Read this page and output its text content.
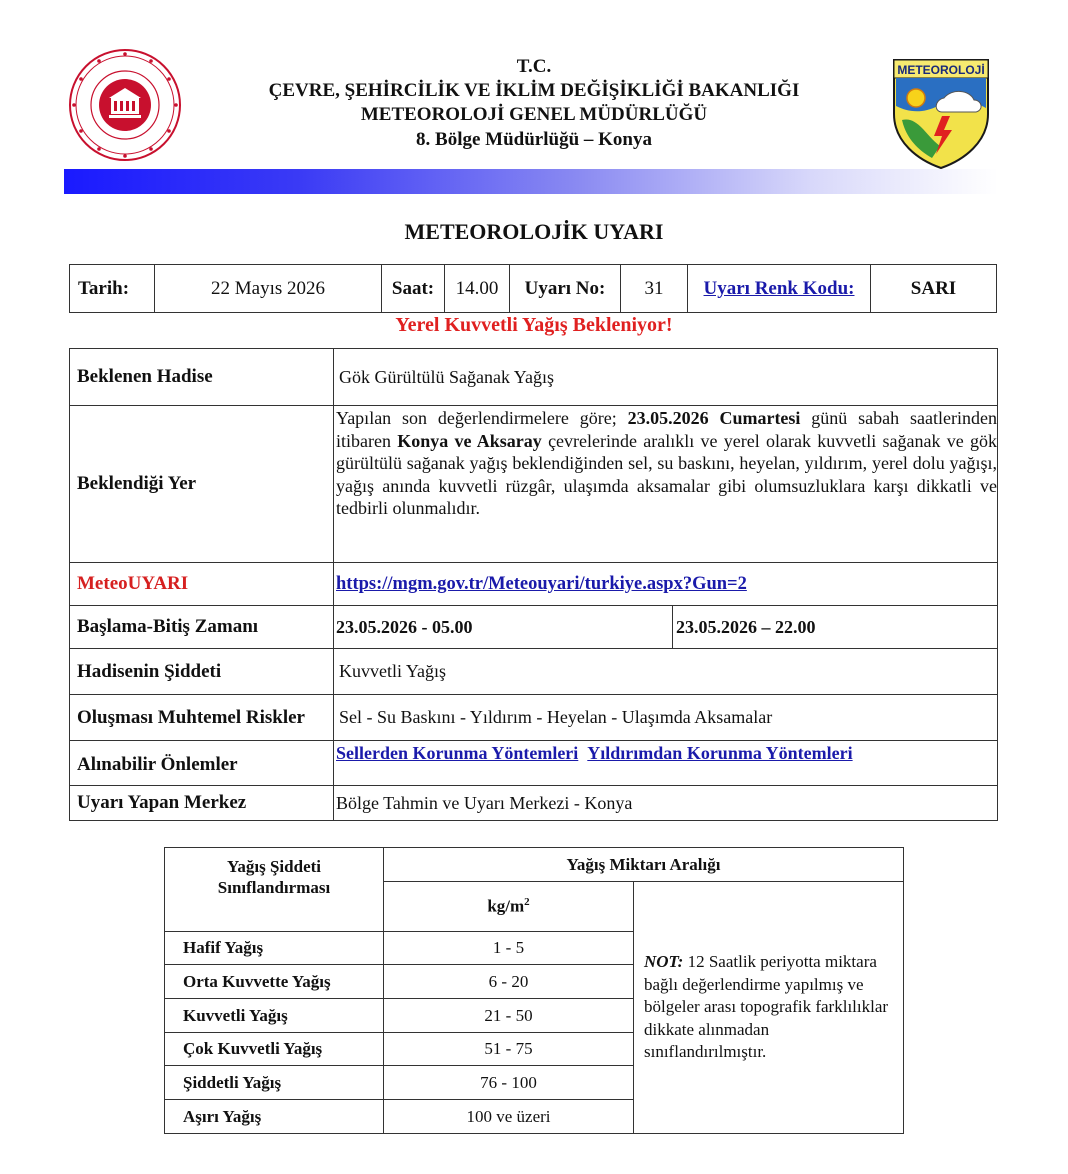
METEOROLOJİ
T.C.
ÇEVRE, ŞEHİRCİLİK VE İKLİM DEĞİŞİKLİĞİ BAKANLIĞI
METEOROLOJİ GENEL MÜDÜRLÜĞÜ
8. Bölge Müdürlüğü – Konya
METEOROLOJİK UYARI
Tarih:	22 Mayıs 2026	Saat:	14.00	Uyarı No:	31	Uyarı Renk Kodu:	SARI
Yerel Kuvvetli Yağış Bekleniyor!
Beklenen Hadise	Gök Gürültülü Sağanak Yağış	
Beklendiği Yer	Yapılan son değerlendirmelere göre; 23.05.2026 Cumartesi günü sabah saatlerinden itibaren Konya ve Aksaray çevrelerinde aralıklı ve yerel olarak kuvvetli sağanak ve gök gürültülü sağanak yağış beklendiğinden sel, su baskını, heyelan, yıldırım, yerel dolu yağışı, yağış anında kuvvetli rüzgâr, ulaşımda aksamalar gibi olumsuzluklara karşı dikkatli ve tedbirli olunmalıdır.	
MeteoUYARI	https://mgm.gov.tr/Meteouyari/turkiye.aspx?Gun=2	
Başlama-Bitiş Zamanı	23.05.2026 - 05.00	23.05.2026 – 22.00
Hadisenin Şiddeti	Kuvvetli Yağış	
Oluşması Muhtemel Riskler	Sel - Su Baskını - Yıldırım - Heyelan - Ulaşımda Aksamalar	
Alınabilir Önlemler	Sellerden Korunma Yöntemleri Yıldırımdan Korunma Yöntemleri	
Uyarı Yapan Merkez	Bölge Tahmin ve Uyarı Merkezi - Konya	
Yağış Şiddeti
Sınıflandırması	Yağış Miktarı Aralığı	
	$kg/m^2$	NOT: 12 Saatlik periyotta miktara bağlı değerlendirme yapılmış ve bölgeler arası topografik farklılıklar dikkate alınmadan sınıflandırılmıştır.
Hafif Yağış	1 - 5	
Orta Kuvvette Yağış	6 - 20	
Kuvvetli Yağış	21 - 50	
Çok Kuvvetli Yağış	51 - 75	
Şiddetli Yağış	76 - 100	
Aşırı Yağış	100 ve üzeri	
